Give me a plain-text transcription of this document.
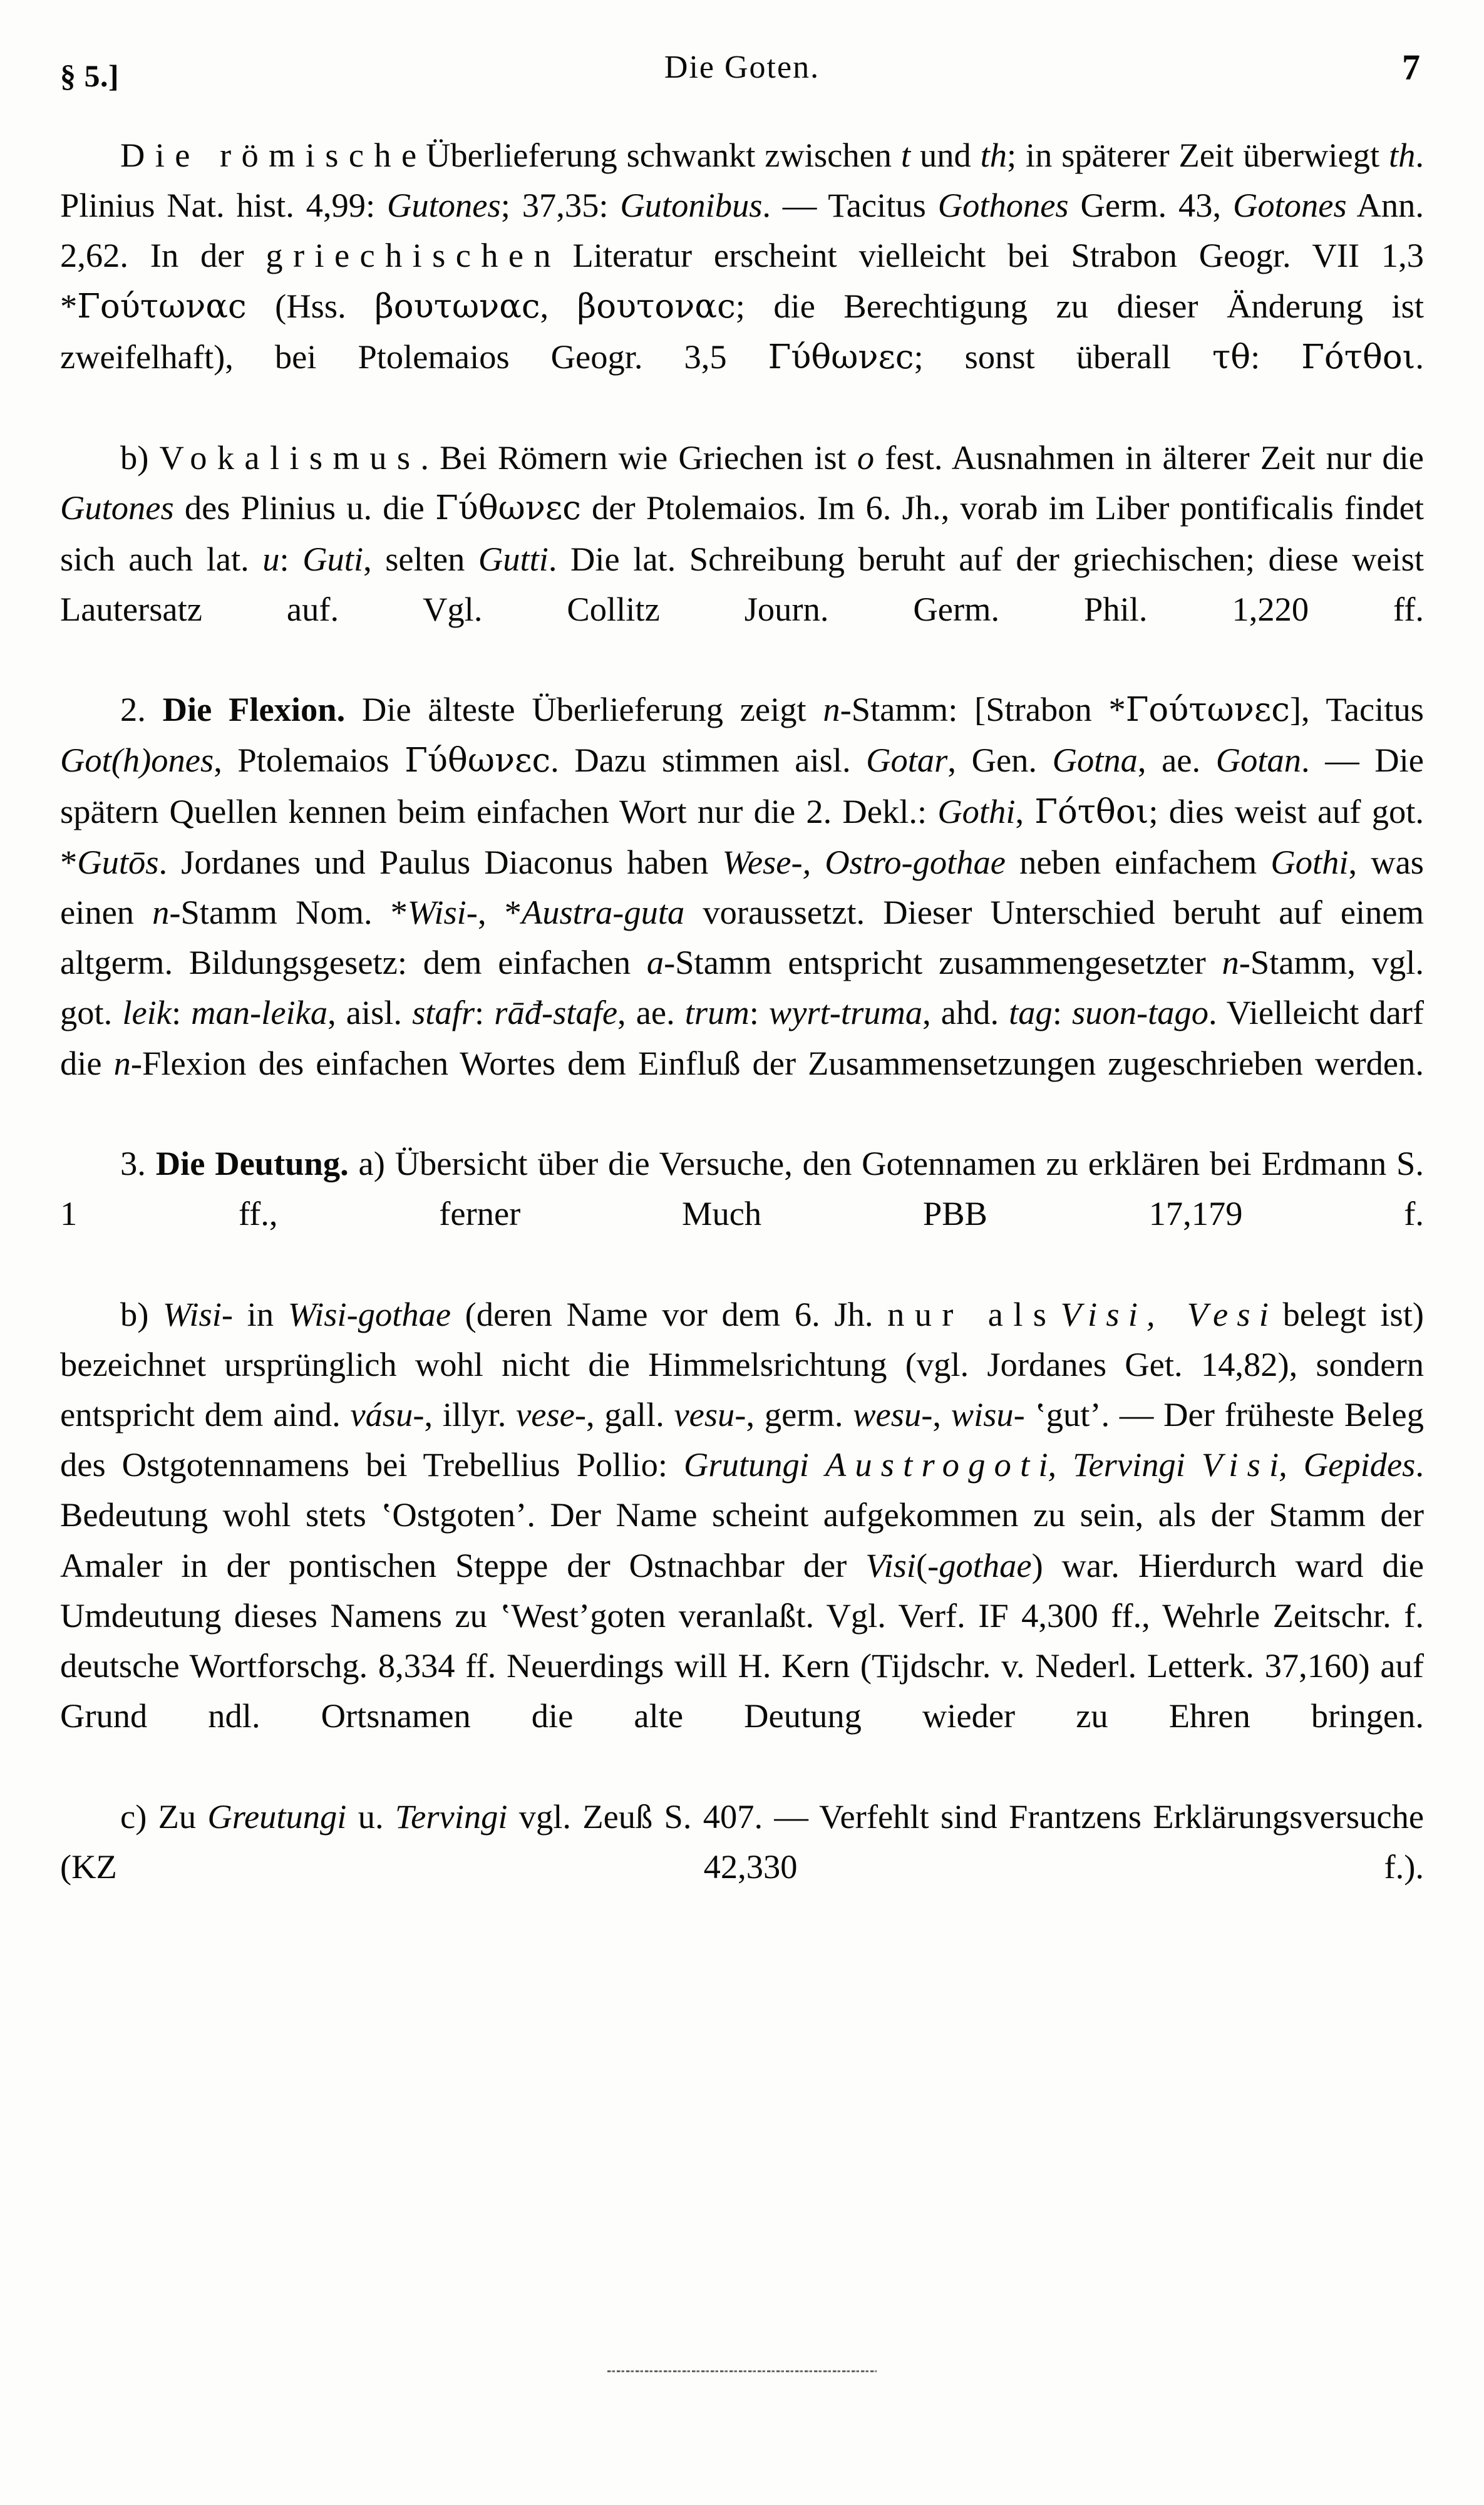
§ 5.]	Die Goten.	7

Die römische Überlieferung schwankt zwischen t und th; in späterer Zeit überwiegt th. Plinius Nat. hist. 4,99: Gutones; 37,35: Gutonibus. — Tacitus Gothones Germ. 43, Gotones Ann. 2,62. In der griechischen Literatur erscheint vielleicht bei Strabon Geogr. VII 1,3 *Γούτωναϲ (Hss. βουτωναϲ, βουτοναϲ; die Berechtigung zu dieser Änderung ist zweifelhaft), bei Ptolemaios Geogr. 3,5 Γύθωνεϲ; sonst überall τθ: Γότθοι.

b) Vokalismus. Bei Römern wie Griechen ist o fest. Ausnahmen in älterer Zeit nur die Gutones des Plinius u. die Γύθωνεϲ der Ptolemaios. Im 6. Jh., vorab im Liber pontificalis findet sich auch lat. u: Guti, selten Gutti. Die lat. Schreibung beruht auf der griechischen; diese weist Lautersatz auf. Vgl. Collitz Journ. Germ. Phil. 1,220 ff.

2. Die Flexion. Die älteste Überlieferung zeigt n-Stamm: [Strabon *Γούτωνεϲ], Tacitus Got(h)ones, Ptolemaios Γύθωνεϲ. Dazu stimmen aisl. Gotar, Gen. Gotna, ae. Gotan. — Die spätern Quellen kennen beim einfachen Wort nur die 2. Dekl.: Gothi, Γότθοι; dies weist auf got. *Gutōs. Jordanes und Paulus Diaconus haben Wese-, Ostro-gothae neben einfachem Gothi, was einen n-Stamm Nom. *Wisi-, *Austra-guta voraussetzt. Dieser Unterschied beruht auf einem altgerm. Bildungsgesetz: dem einfachen a-Stamm entspricht zusammengesetzter n-Stamm, vgl. got. leik: man-leika, aisl. stafr: rāđ-stafe, ae. trum: wyrt-truma, ahd. tag: suon-tago. Vielleicht darf die n-Flexion des einfachen Wortes dem Einfluß der Zusammensetzungen zugeschrieben werden.

3. Die Deutung. a) Übersicht über die Versuche, den Gotennamen zu erklären bei Erdmann S. 1 ff., ferner Much PBB 17,179 f.

b) Wisi- in Wisi-gothae (deren Name vor dem 6. Jh. nur als Visi, Vesi belegt ist) bezeichnet ursprünglich wohl nicht die Himmelsrichtung (vgl. Jordanes Get. 14,82), sondern entspricht dem aind. vásu-, illyr. vese-, gall. vesu-, germ. wesu-, wisu- ʽgutʼ. — Der früheste Beleg des Ostgotennamens bei Trebellius Pollio: Grutungi Austrogoti, Tervingi Visi, Gepides. Bedeutung wohl stets ʽOstgotenʼ. Der Name scheint aufgekommen zu sein, als der Stamm der Amaler in der pontischen Steppe der Ostnachbar der Visi(-gothae) war. Hierdurch ward die Umdeutung dieses Namens zu ʽWestʼgoten veranlaßt. Vgl. Verf. IF 4,300 ff., Wehrle Zeitschr. f. deutsche Wortforschg. 8,334 ff. Neuerdings will H. Kern (Tijdschr. v. Nederl. Letterk. 37,160) auf Grund ndl. Ortsnamen die alte Deutung wieder zu Ehren bringen.

c) Zu Greutungi u. Tervingi vgl. Zeuß S. 407. — Verfehlt sind Frantzens Erklärungsversuche (KZ 42,330 f.).
